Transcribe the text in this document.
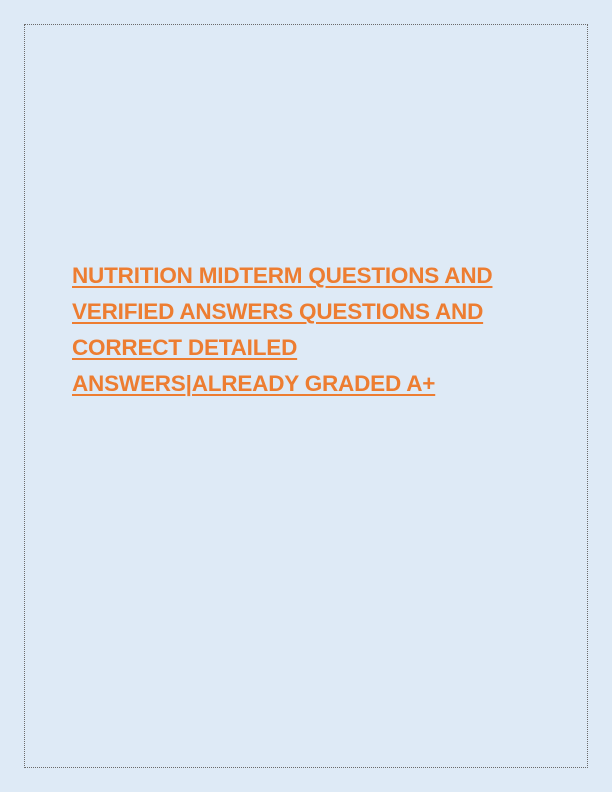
NUTRITION MIDTERM QUESTIONS AND
VERIFIED ANSWERS QUESTIONS AND
CORRECT DETAILED
ANSWERS|ALREADY GRADED A+
